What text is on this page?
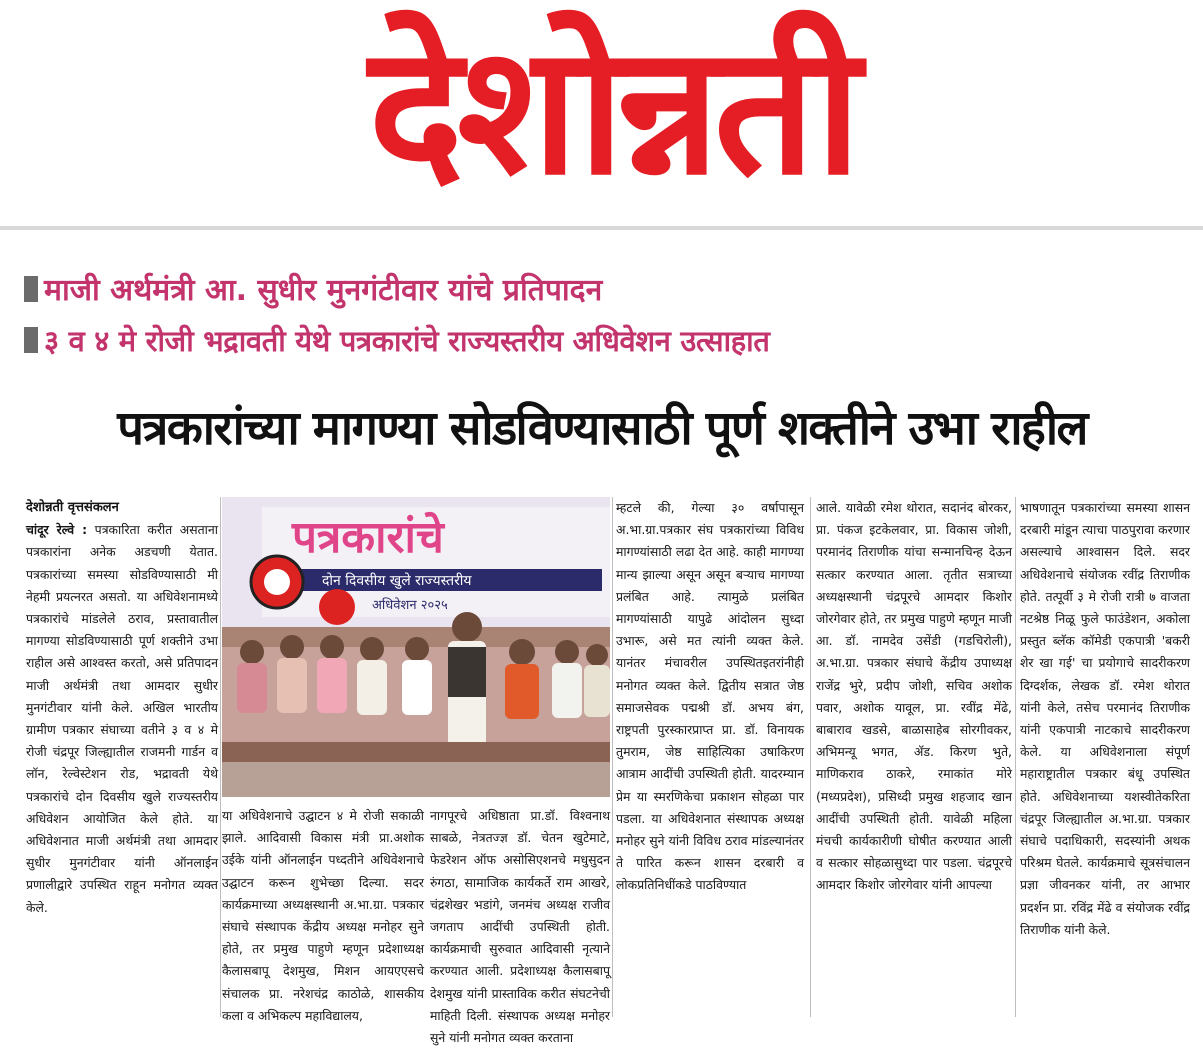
देशोन्नती

माजी अर्थमंत्री आ. सुधीर मुनगंटीवार यांचे प्रतिपादन

३ व ४ मे रोजी भद्रावती येथे पत्रकारांचे राज्यस्तरीय अधिवेशन उत्साहात

पत्रकारांच्या मागण्या सोडविण्यासाठी पूर्ण शक्तीने उभा राहील

देशोन्नती वृत्तसंकलन

चांदूर रेल्वे : पत्रकारिता करीत असताना पत्रकारांना अनेक अडचणी येतात. पत्रकारांच्या समस्या सोडविण्यासाठी मी नेहमी प्रयत्नरत असतो. या अधिवेशनामध्ये पत्रकारांचे मांडलेले ठराव, प्रस्तावातील मागण्या सोडविण्यासाठी पूर्ण शक्तीने उभा राहील असे आश्वस्त करतो, असे प्रतिपादन माजी अर्थमंत्री तथा आमदार सुधीर मुनगंटीवार यांनी केले. अखिल भारतीय ग्रामीण पत्रकार संघाच्या वतीने ३ व ४ मे रोजी चंद्रपूर जिल्ह्यातील राजमनी गार्डन व लॉन, रेल्वेस्टेशन रोड, भद्रावती येथे पत्रकारांचे दोन दिवसीय खुले राज्यस्तरीय अधिवेशन आयोजित केले होते. या अधिवेशनात माजी अर्थमंत्री तथा आमदार सुधीर मुनगंटीवार यांनी ऑनलाईन प्रणालीद्वारे उपस्थित राहून मनोगत व्यक्त केले.

पत्रकारांचे
दोन दिवसीय खुले राज्यस्तरीय
अधिवेशन २०२५

या अधिवेशनाचे उद्घाटन ४ मे रोजी सकाळी झाले. आदिवासी विकास मंत्री प्रा.अशोक उईके यांनी ऑनलाईन पध्दतीने अधिवेशनाचे उद्घाटन करून शुभेच्छा दिल्या. सदर कार्यक्रमाच्या अध्यक्षस्थानी अ.भा.ग्रा. पत्रकार संघाचे संस्थापक केंद्रीय अध्यक्ष मनोहर सुने होते, तर प्रमुख पाहुणे म्हणून प्रदेशाध्यक्ष कैलासबापू देशमुख, मिशन आयएएसचे संचालक प्रा. नरेशचंद्र काठोळे, शासकीय कला व अभिकल्प महाविद्यालय,

नागपूरचे अधिष्ठाता प्रा.डॉ. विश्वनाथ साबळे, नेत्रतज्ज्ञ डॉ. चेतन खुटेमाटे, फेडरेशन ऑफ असोसिएशनचे मधुसुदन रुंगठा, सामाजिक कार्यकर्ते राम आखरे, चंद्रशेखर भडांगे, जनमंच अध्यक्ष राजीव जगताप आदींची उपस्थिती होती. कार्यक्रमाची सुरुवात आदिवासी नृत्याने करण्यात आली. प्रदेशाध्यक्ष कैलासबापू देशमुख यांनी प्रास्ताविक करीत संघटनेची माहिती दिली. संस्थापक अध्यक्ष मनोहर सुने यांनी मनोगत व्यक्त करताना

म्हटले की, गेल्या ३० वर्षापासून अ.भा.ग्रा.पत्रकार संघ पत्रकारांच्या विविध मागण्यांसाठी लढा देत आहे. काही मागण्या मान्य झाल्या असून असून बऱ्याच मागण्या प्रलंबित आहे. त्यामुळे प्रलंबित मागण्यांसाठी यापुढे आंदोलन सुध्दा उभारू, असे मत त्यांनी व्यक्त केले. यानंतर मंचावरील उपस्थितइतरांनीही मनोगत व्यक्त केले. द्वितीय सत्रात जेष्ठ समाजसेवक पद्मश्री डॉ. अभय बंग, राष्ट्रपती पुरस्कारप्राप्त प्रा. डॉ. विनायक तुमराम, जेष्ठ साहित्यिका उषाकिरण आत्राम आदींची उपस्थिती होती. यादरम्यान प्रेम या स्मरणिकेचा प्रकाशन सोहळा पार पडला. या अधिवेशनात संस्थापक अध्यक्ष मनोहर सुने यांनी विविध ठराव मांडल्यानंतर ते पारित करून शासन दरबारी व लोकप्रतिनिधींकडे पाठविण्यात

आले. यावेळी रमेश थोरात, सदानंद बोरकर, प्रा. पंकज इटकेलवार, प्रा. विकास जोशी, परमानंद तिराणीक यांचा सन्मानचिन्ह देऊन सत्कार करण्यात आला. तृतीत सत्राच्या अध्यक्षस्थानी चंद्रपूरचे आमदार किशोर जोरगेवार होते, तर प्रमुख पाहुणे म्हणून माजी आ. डॉ. नामदेव उसेंडी (गडचिरोली), अ.भा.ग्रा. पत्रकार संघाचे केंद्रीय उपाध्यक्ष राजेंद्र भुरे, प्रदीप जोशी, सचिव अशोक पवार, अशोक यावूल, प्रा. रवींद्र मेंढे, बाबाराव खडसे, बाळासाहेब सोरगीवकर, अभिमन्यू भगत, ॲड. किरण भुते, माणिकराव ठाकरे, रमाकांत मोरे (मध्यप्रदेश), प्रसिध्दी प्रमुख शहजाद खान आदींची उपस्थिती होती. यावेळी महिला मंचची कार्यकारीणी घोषीत करण्यात आली व सत्कार सोहळासुध्दा पार पडला. चंद्रपूरचे आमदार किशोर जोरगेवार यांनी आपल्या

भाषणातून पत्रकारांच्या समस्या शासन दरबारी मांडून त्याचा पाठपुरावा करणार असल्याचे आश्वासन दिले. सदर अधिवेशनाचे संयोजक रवींद्र तिराणीक होते. तत्पूर्वी ३ मे रोजी रात्री ७ वाजता नटश्रेष्ठ निळू फुले फाउंडेशन, अकोला प्रस्तुत ब्लॅक कॉमेडी एकपात्री 'बकरी शेर खा गई' चा प्रयोगाचे सादरीकरण दिग्दर्शक, लेखक डॉ. रमेश थोरात यांनी केले, तसेच परमानंद तिराणीक यांनी एकपात्री नाटकाचे सादरीकरण केले. या अधिवेशनाला संपूर्ण महाराष्ट्रातील पत्रकार बंधू उपस्थित होते. अधिवेशनाच्या यशस्वीतेकरिता चंद्रपूर जिल्ह्यातील अ.भा.ग्रा. पत्रकार संघाचे पदाधिकारी, सदस्यांनी अथक परिश्रम घेतले. कार्यक्रमाचे सूत्रसंचालन प्रज्ञा जीवनकर यांनी, तर आभार प्रदर्शन प्रा. रविंद्र मेंढे व संयोजक रवींद्र तिराणीक यांनी केले.
